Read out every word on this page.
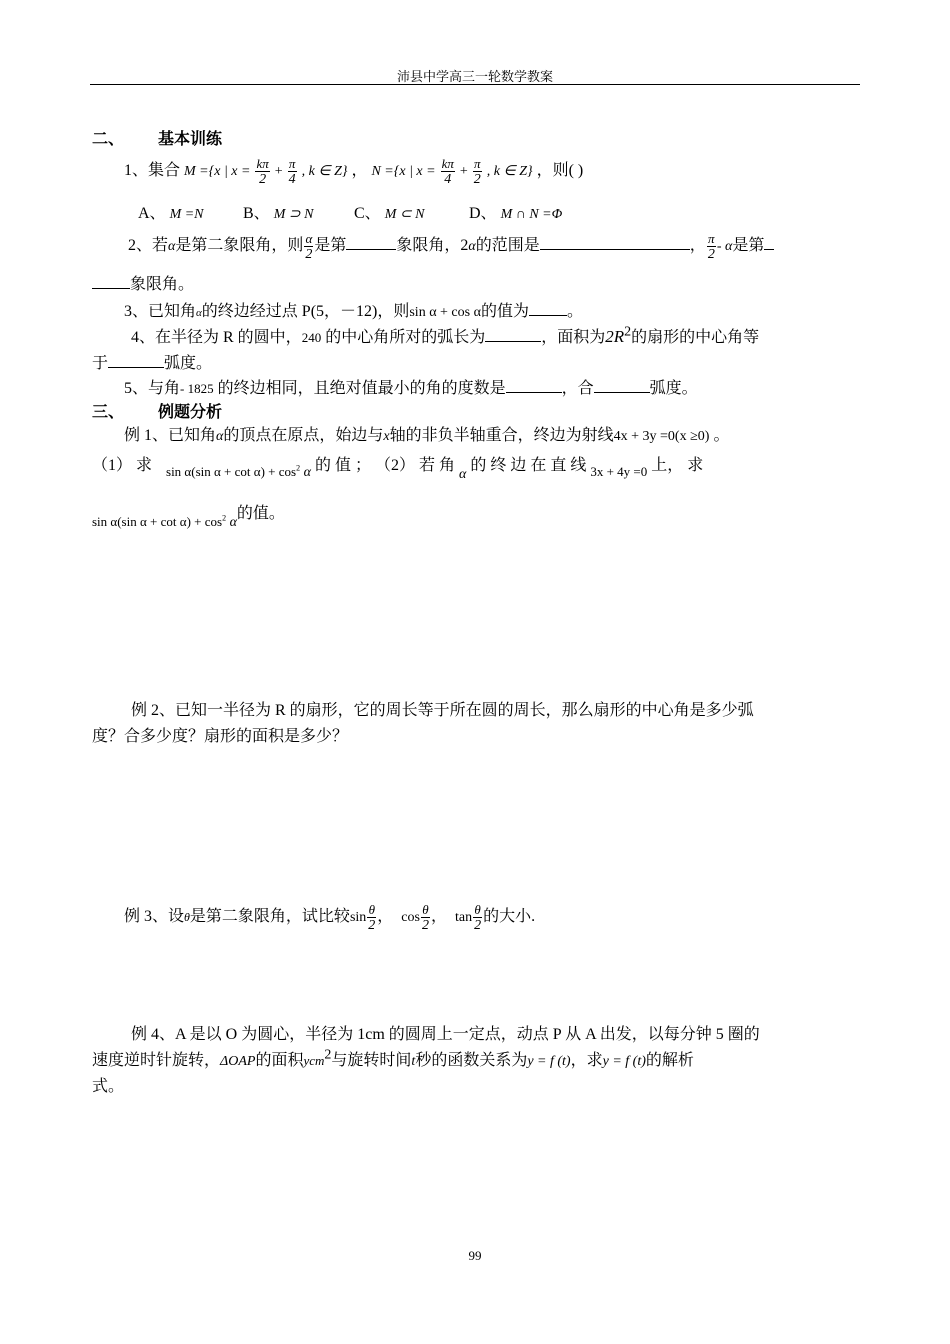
沛县中学高三一轮数学教案
二、 基本训练
1、集合 M ={x | $x = \frac{k\pi}{2} + \frac{\pi}{4}$ , k ∈ Z} ， N ={x | $x = \frac{k\pi}{4} + \frac{\pi}{2}$ , k ∈ Z} ，则( )
A、 M =N B、 M ⊃ N	C、 M ⊂ N	D、 M ∩ N =Φ
2、若α是第二象限角，则 $\frac{\alpha}{2}$ 是第	象限角，2α的范围是	， $\frac{\pi}{2}$ - α是第
象限角。
3、已知角α的终边经过点 P(5，－12)，则sin α + cos α的值为 。
4、在半径为 R 的圆中，240 的中心角所对的弧长为	，面积为$2R^2$的扇形的中心角等
于	弧度。
5、与角- 1825 的终边相同，且绝对值最小的角的度数是	，合	弧度。
三、 例题分析
例 1、已知角α的顶点在原点，始边与x轴的非负半轴重合，终边为射线4x + 3y =0(x ≥0) 。
（1） 求 $_{sin \alpha(sin \alpha + cot \alpha) + cos^2 \alpha}$ 的 值 ； （2） 若 角 α 的 终 边 在 直 线 $_{3x + 4y =0}$ 上， 求
$_{sin \alpha(sin \alpha + cot \alpha) + cos^2 \alpha}$的值。
例 2、已知一半径为 R 的扇形，它的周长等于所在圆的周长，那么扇形的中心角是多少弧
度？合多少度？扇形的面积是多少？
例 3、设θ是第二象限角，试比较$\sin \frac{\theta}{2}$ ， $\cos \frac{\theta}{2}$ ， $\tan \frac{\theta}{2}$ 的大小.
例 4、A 是以 O 为圆心，半径为 1cm 的圆周上一定点，动点 P 从 A 出发，以每分钟 5 圈的
速度逆时针旋转，ΔOAP的面积ycm$^2$与旋转时间t秒的函数关系为y = f (t)，求y = f (t)的解析
式。
99
